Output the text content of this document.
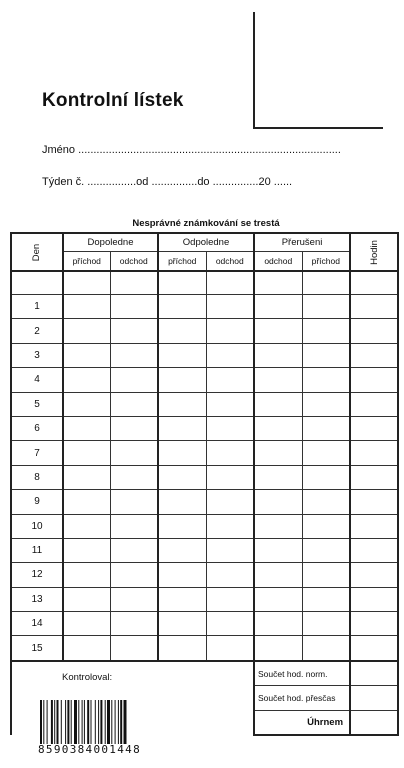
Kontrolní lístek
Jméno ......................................................................................
Týden č. ................od ...............do ...............20 ......
Nesprávné známkování se trestá
Den	Dopoledne		Odpoledne		Přerušeni		Hodin
	příchod	odchod	příchod	odchod	odchod	příchod	

1							
2							
3							
4							
5							
6							
7							
8							
9							
10							
11							
12							
13							
14							
15							
Kontroloval:					Součet hod. norm.		
					Součet hod. přesčas		
					Úhrnem		
8590384001448
